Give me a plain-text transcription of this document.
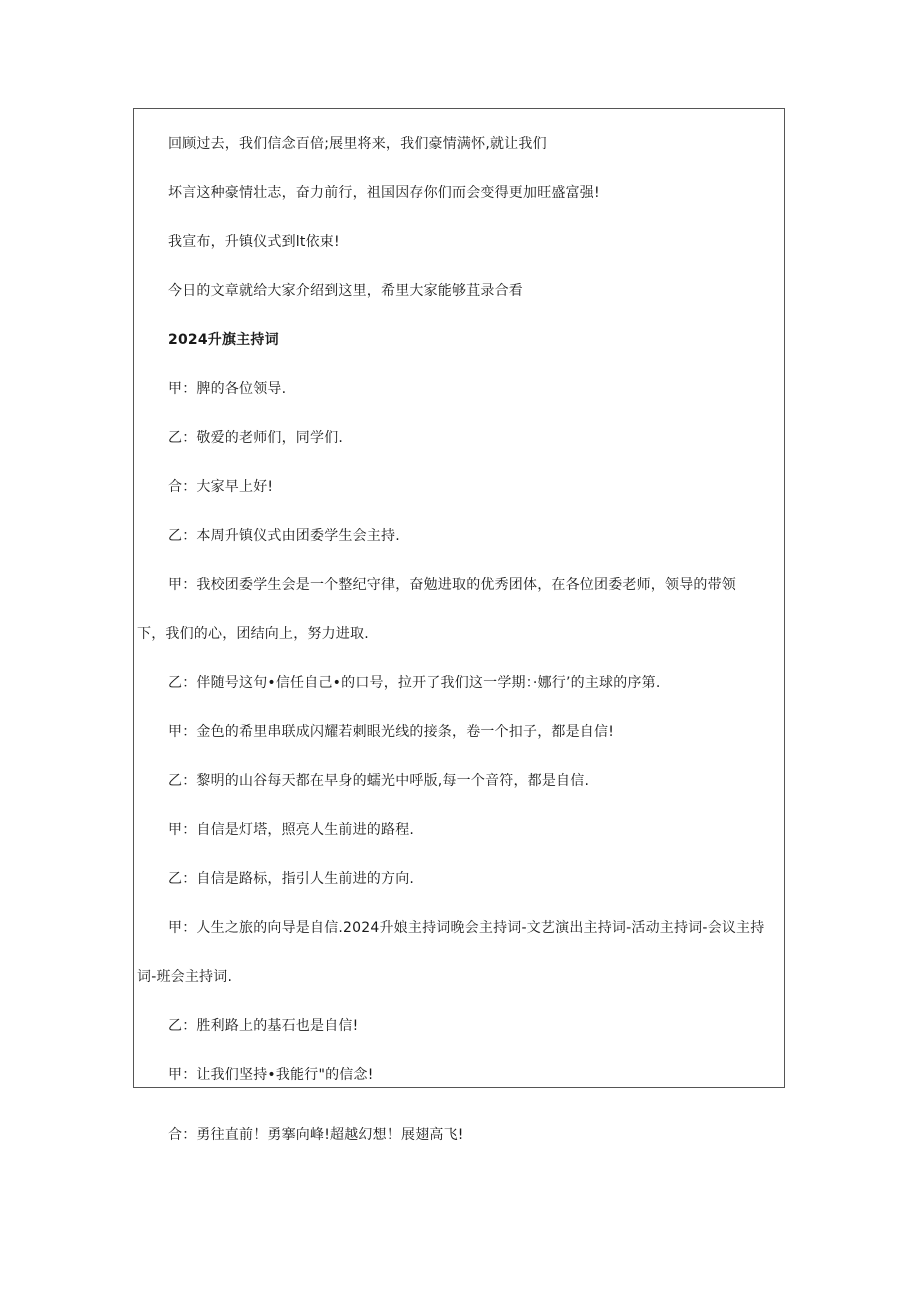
回顾过去，我们信念百倍;展里将来，我们豪情满怀,就让我们
坏言这种豪情壮志，奋力前行，祖国因存你们而会变得更加旺盛富强!
我宣布，升镇仪式到lt依束!
今日的文章就给大家介绍到这里，希里大家能够苴录合看
2024升旗主持词
甲：脾的各位领导.
乙：敬爱的老师们，同学们.
合：大家早上好!
乙：本周升镇仪式由团委学生会主持.
甲：我校团委学生会是一个整纪守律，奋勉进取的优秀团体，在各位团委老师，领导的带领
下，我们的心，团结向上，努力进取.
乙：伴随号这句•信任自己•的口号，拉开了我们这一学期：·娜行’的主球的序第.
甲：金色的希里串联成闪耀若刺眼光线的接条，卷一个扣子，都是自信!
乙：黎明的山谷每天都在早身的蠕光中呼版,每一个音符，都是自信.
甲：自信是灯塔，照亮人生前进的路程.
乙：自信是路标，指引人生前进的方向.
甲：人生之旅的向导是自信.2024升娘主持词晚会主持词-文艺演出主持词-活动主持词-会议主持
词-班会主持词.
乙：胜利路上的基石也是自信!
甲：让我们坚持•我能行"的信念!
合：勇往直前！勇搴向峰!超越幻想！展翅高飞!
